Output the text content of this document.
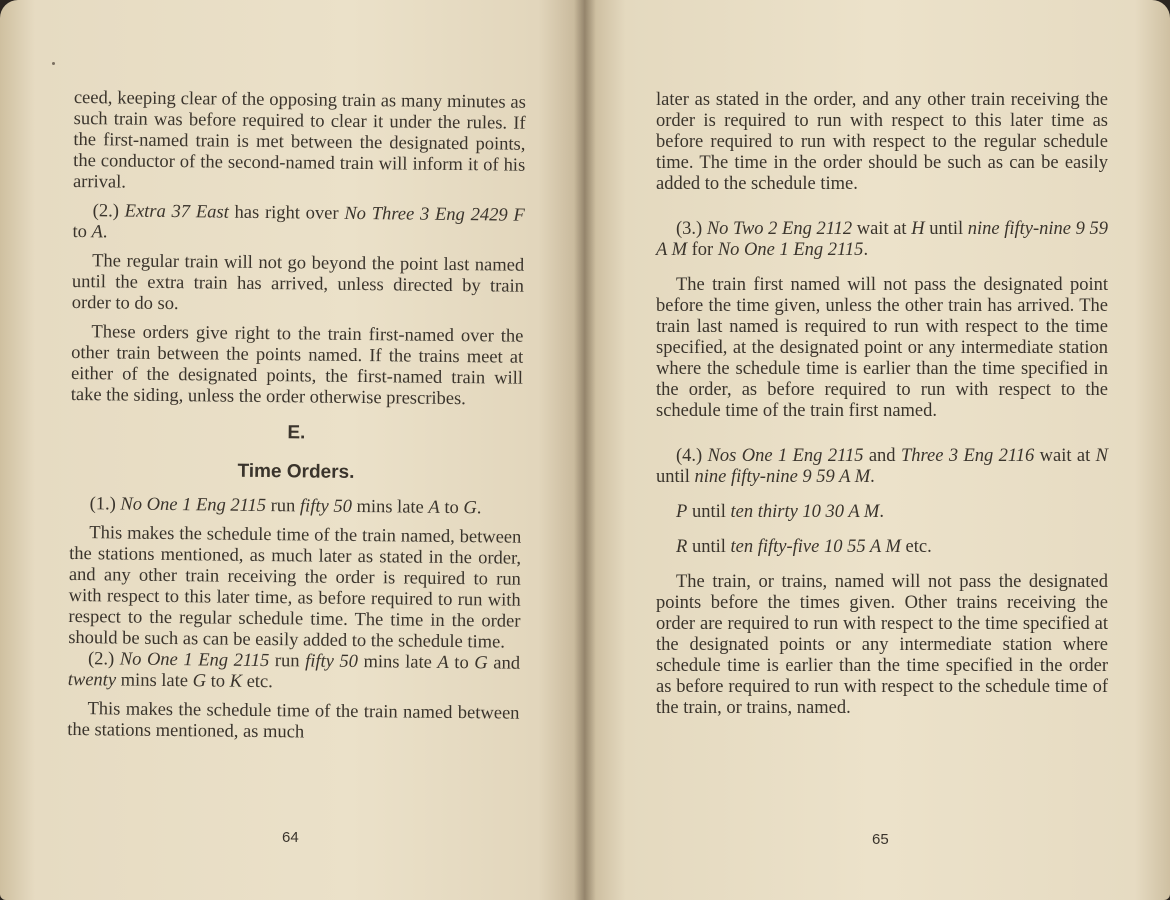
ceed, keeping clear of the opposing train as many minutes as such train was before required to clear it under the rules. If the first-named train is met between the designated points, the conductor of the second-named train will inform it of his arrival.

(2.) Extra 37 East has right over No Three 3 Eng 2429 F to A.

The regular train will not go beyond the point last named until the extra train has arrived, unless directed by train order to do so.

These orders give right to the train first-named over the other train between the points named. If the trains meet at either of the designated points, the first-named train will take the siding, unless the order otherwise prescribes.

E.

Time Orders.

(1.) No One 1 Eng 2115 run fifty 50 mins late A to G.

This makes the schedule time of the train named, between the stations mentioned, as much later as stated in the order, and any other train receiving the order is required to run with respect to this later time, as before required to run with respect to the regular schedule time. The time in the order should be such as can be easily added to the schedule time.

(2.) No One 1 Eng 2115 run fifty 50 mins late A to G and twenty mins late G to K etc.

This makes the schedule time of the train named between the stations mentioned, as much

64

later as stated in the order, and any other train receiving the order is required to run with respect to this later time as before required to run with respect to the regular schedule time. The time in the order should be such as can be easily added to the schedule time.

(3.) No Two 2 Eng 2112 wait at H until nine fifty-nine 9 59 A M for No One 1 Eng 2115.

The train first named will not pass the designated point before the time given, unless the other train has arrived. The train last named is required to run with respect to the time specified, at the designated point or any intermediate station where the schedule time is earlier than the time specified in the order, as before required to run with respect to the schedule time of the train first named.

(4.) Nos One 1 Eng 2115 and Three 3 Eng 2116 wait at N until nine fifty-nine 9 59 A M.

P until ten thirty 10 30 A M.

R until ten fifty-five 10 55 A M etc.

The train, or trains, named will not pass the designated points before the times given. Other trains receiving the order are required to run with respect to the time specified at the designated points or any intermediate station where schedule time is earlier than the time specified in the order as before required to run with respect to the schedule time of the train, or trains, named.

65
